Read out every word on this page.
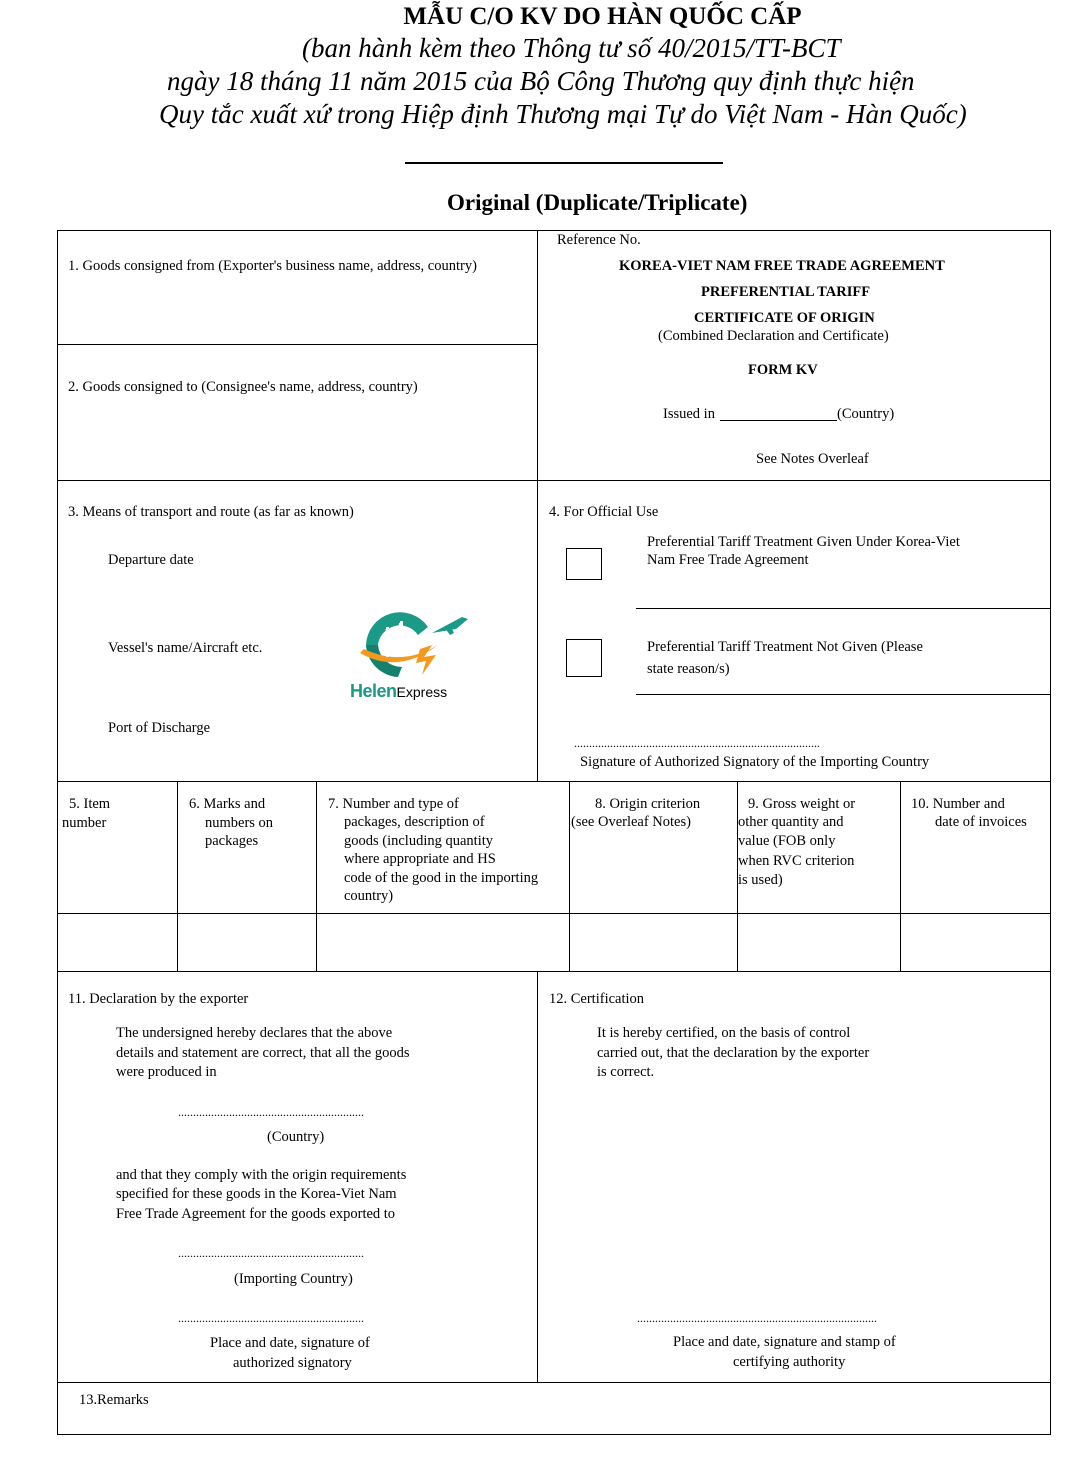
MẪU C/O KV DO HÀN QUỐC CẤP
(ban hành kèm theo Thông tư số 40/2015/TT-BCT
ngày 18 tháng 11 năm 2015 của Bộ Công Thương quy định thực hiện
Quy tắc xuất xứ trong Hiệp định Thương mại Tự do Việt Nam - Hàn Quốc)
Original (Duplicate/Triplicate)
1. Goods consigned from (Exporter's business name, address, country)
2. Goods consigned to (Consignee's name, address, country)
Reference No.
KOREA-VIET NAM FREE TRADE AGREEMENT
PREFERENTIAL TARIFF
CERTIFICATE OF ORIGIN
(Combined Declaration and Certificate)
FORM KV
Issued in	(Country)
See Notes Overleaf
3. Means of transport and route (as far as known)
Departure date
Vessel's name/Aircraft etc.
Port of Discharge
HelenExpress
4. For Official Use
Preferential Tariff Treatment Given Under Korea-Viet
Nam Free Trade Agreement
Preferential Tariff Treatment Not Given (Please
state reason/s)
..................................................................................
Signature of Authorized Signatory of the Importing Country
5. Item
number
6. Marks and
numbers on
packages
7. Number and type of
packages, description of
goods (including quantity
where appropriate and HS
code of the good in the importing
country)
8. Origin criterion
(see Overleaf Notes)
9. Gross weight or
other quantity and
value (FOB only
when RVC criterion
is used)
10. Number and
date of invoices
11. Declaration by the exporter
The undersigned hereby declares that the above
details and statement are correct, that all the goods
were produced in
..............................................................
(Country)
and that they comply with the origin requirements
specified for these goods in the Korea-Viet Nam
Free Trade Agreement for the goods exported to
..............................................................
(Importing Country)
..............................................................
Place and date, signature of
authorized signatory
12. Certification
It is hereby certified, on the basis of control
carried out, that the declaration by the exporter
is correct.
................................................................................
Place and date, signature and stamp of
certifying authority
13.Remarks
